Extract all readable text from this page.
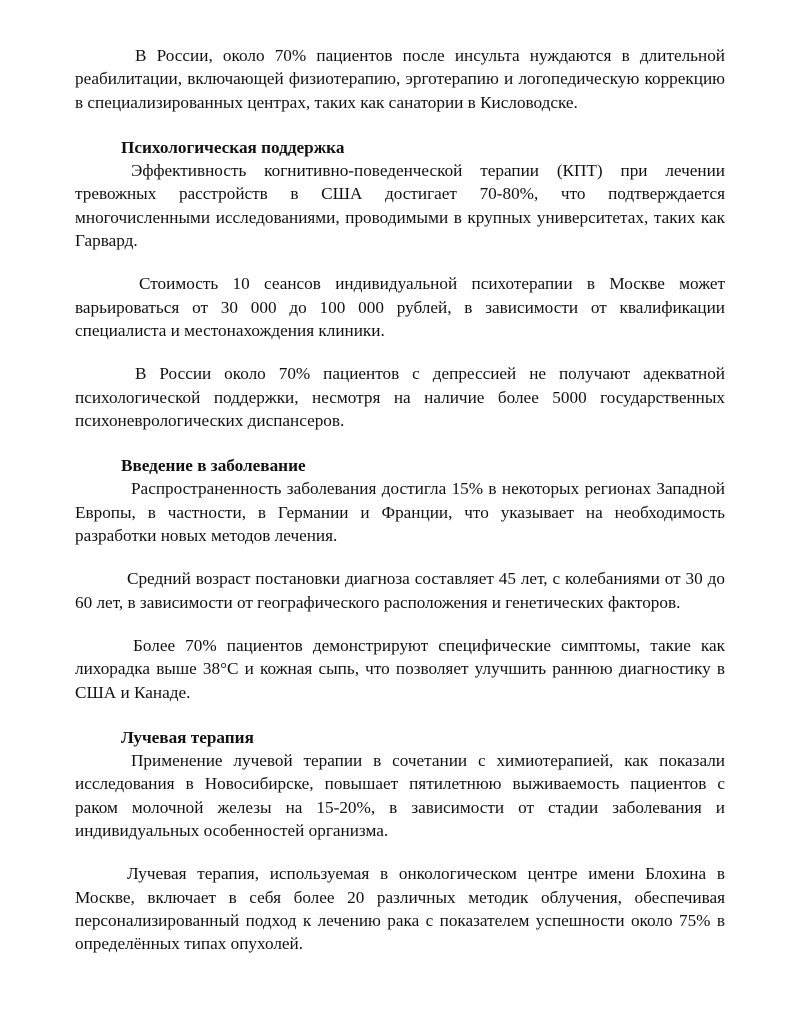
В России, около 70% пациентов после инсульта нуждаются в длительной реабилитации, включающей физиотерапию, эрготерапию и логопедическую коррекцию в специализированных центрах, таких как санатории в Кисловодске.

Психологическая поддержка

Эффективность когнитивно-поведенческой терапии (КПТ) при лечении тревожных расстройств в США достигает 70-80%, что подтверждается многочисленными исследованиями, проводимыми в крупных университетах, таких как Гарвард.

Стоимость 10 сеансов индивидуальной психотерапии в Москве может варьироваться от 30 000 до 100 000 рублей, в зависимости от квалификации специалиста и местонахождения клиники.

В России около 70% пациентов с депрессией не получают адекватной психологической поддержки, несмотря на наличие более 5000 государственных психоневрологических диспансеров.

Введение в заболевание

Распространенность заболевания достигла 15% в некоторых регионах Западной Европы, в частности, в Германии и Франции, что указывает на необходимость разработки новых методов лечения.

Средний возраст постановки диагноза составляет 45 лет, с колебаниями от 30 до 60 лет, в зависимости от географического расположения и генетических факторов.

Более 70% пациентов демонстрируют специфические симптомы, такие как лихорадка выше 38°C и кожная сыпь, что позволяет улучшить раннюю диагностику в США и Канаде.

Лучевая терапия

Применение лучевой терапии в сочетании с химиотерапией, как показали исследования в Новосибирске, повышает пятилетнюю выживаемость пациентов с раком молочной железы на 15-20%, в зависимости от стадии заболевания и индивидуальных особенностей организма.

Лучевая терапия, используемая в онкологическом центре имени Блохина в Москве, включает в себя более 20 различных методик облучения, обеспечивая персонализированный подход к лечению рака с показателем успешности около 75% в определённых типах опухолей.
